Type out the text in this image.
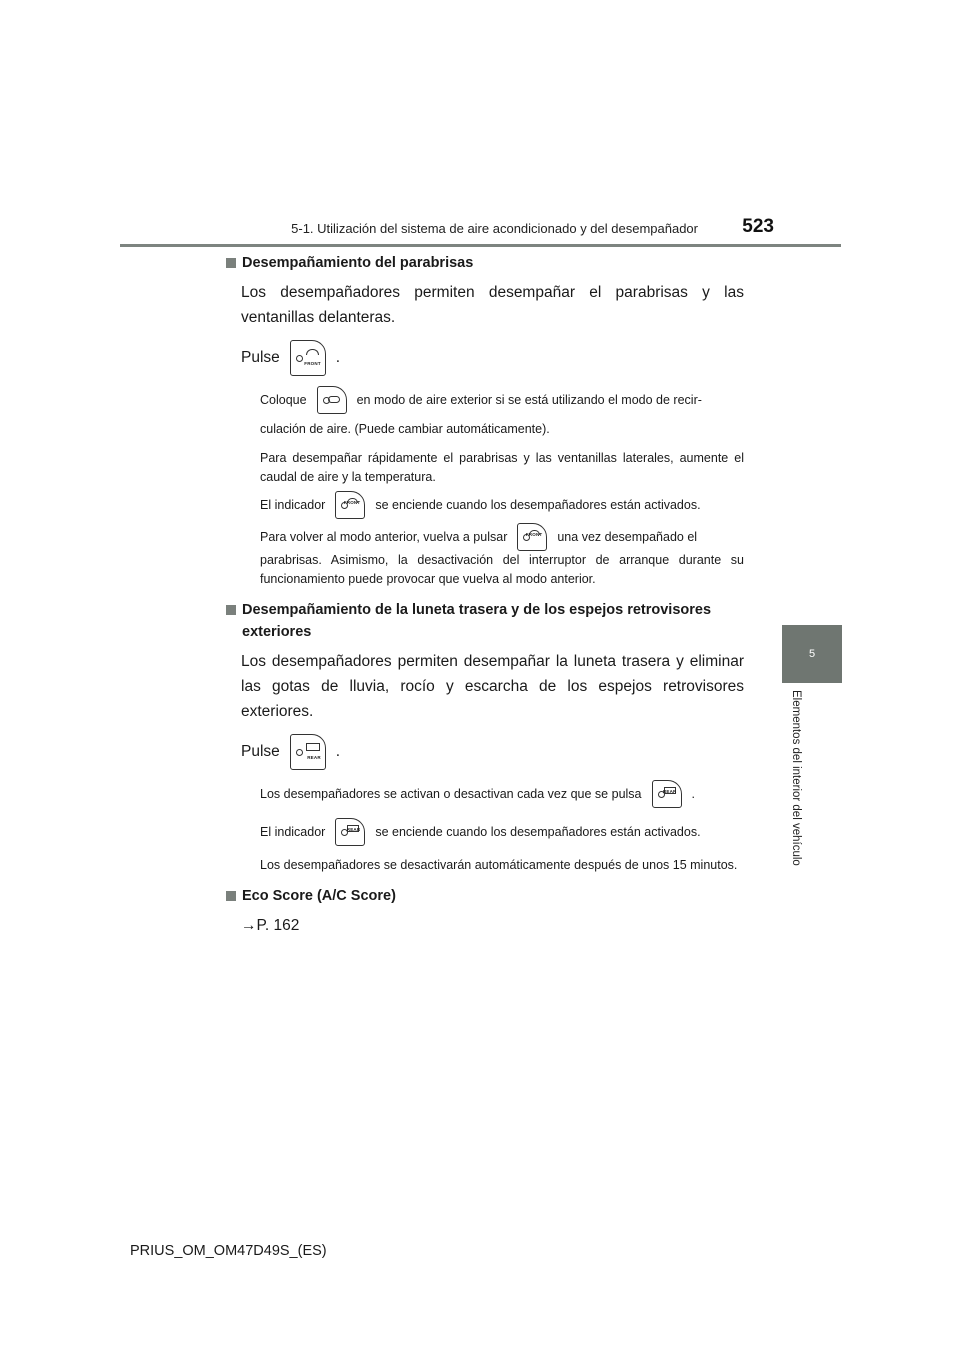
5-1. Utilización del sistema de aire acondicionado y del desempañador 523
5
Elementos del interior del vehículo
Desempañamiento del parabrisas

Los desempañadores permiten desempañar el parabrisas y las ventanillas delanteras.

Pulse	FRONT .
Coloque	en modo de aire exterior si se está utilizando el modo de recir-
culación de aire. (Puede cambiar automáticamente).

Para desempañar rápidamente el parabrisas y las ventanillas laterales, aumente el caudal de aire y la temperatura.

El indicador	FRONT se enciende cuando los desempañadores están activados.
Para volver al modo anterior, vuelva a pulsar	FRONT una vez desempañado el
parabrisas. Asimismo, la desactivación del interruptor de arranque durante su funcionamiento puede provocar que vuelva al modo anterior.
Desempañamiento de la luneta trasera y de los espejos retrovisores exteriores

Los desempañadores permiten desempañar la luneta trasera y eliminar las gotas de lluvia, rocío y escarcha de los espejos retrovisores exteriores.

Pulse	REAR .
Los desempañadores se activan o desactivan cada vez que se pulsa	REAR .
El indicador	REAR se enciende cuando los desempañadores están activados.

Los desempañadores se desactivarán automáticamente después de unos 15 minutos.

Eco Score (A/C Score)

→P. 162

PRIUS_OM_OM47D49S_(ES)
